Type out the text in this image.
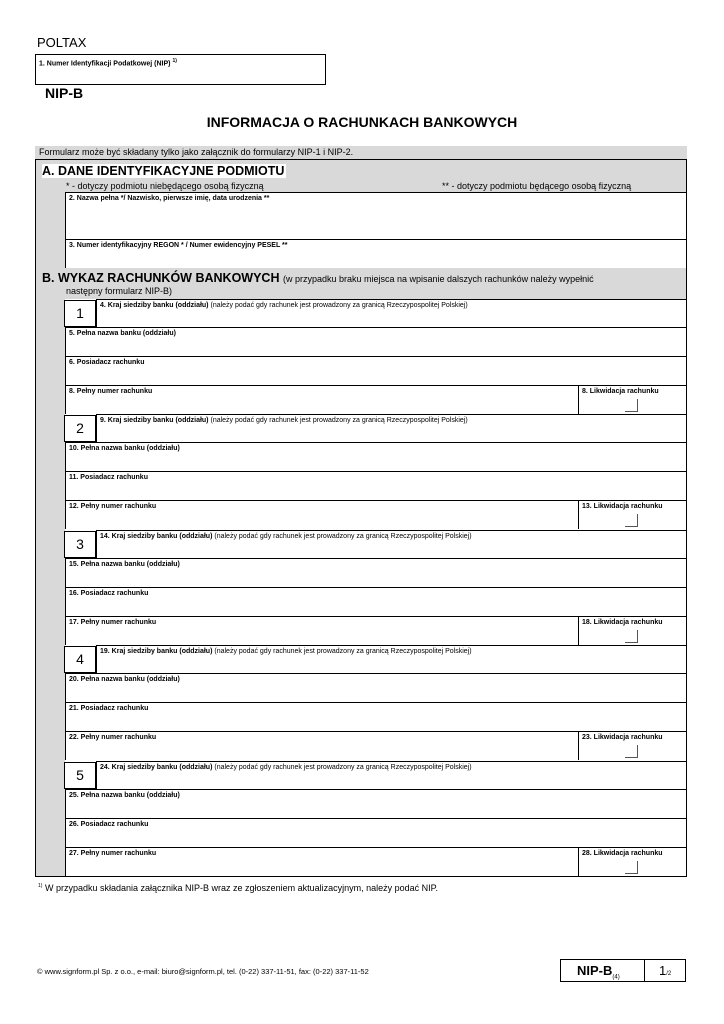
POLTAX
1. Numer Identyfikacji Podatkowej (NIP) $^{1)}$
NIP-B
INFORMACJA O RACHUNKACH BANKOWYCH
Formularz może być składany tylko jako załącznik do formularzy NIP-1 i NIP-2.
A. DANE IDENTYFIKACYJNE PODMIOTU
* - dotyczy podmiotu niebędącego osobą fizyczną	** - dotyczy podmiotu będącego osobą fizyczną
2. Nazwa pełna */ Nazwisko, pierwsze imię, data urodzenia **
3. Numer identyfikacyjny REGON * / Numer ewidencyjny PESEL **
B. WYKAZ RACHUNKÓW BANKOWYCH (w przypadku braku miejsca na wpisanie dalszych rachunków należy wypełnić
następny formularz NIP-B)
1	4. Kraj siedziby banku (oddziału) (należy podać gdy rachunek jest prowadzony za granicą Rzeczypospolitej Polskiej)
5. Pełna nazwa banku (oddziału)
6. Posiadacz rachunku
8. Pełny numer rachunku	8. Likwidacja rachunku
2	9. Kraj siedziby banku (oddziału) (należy podać gdy rachunek jest prowadzony za granicą Rzeczypospolitej Polskiej)
10. Pełna nazwa banku (oddziału)
11. Posiadacz rachunku
12. Pełny numer rachunku	13. Likwidacja rachunku
3	14. Kraj siedziby banku (oddziału) (należy podać gdy rachunek jest prowadzony za granicą Rzeczypospolitej Polskiej)
15. Pełna nazwa banku (oddziału)
16. Posiadacz rachunku
17. Pełny numer rachunku	18. Likwidacja rachunku
4	19. Kraj siedziby banku (oddziału) (należy podać gdy rachunek jest prowadzony za granicą Rzeczypospolitej Polskiej)
20. Pełna nazwa banku (oddziału)
21. Posiadacz rachunku
22. Pełny numer rachunku	23. Likwidacja rachunku
5	24. Kraj siedziby banku (oddziału) (należy podać gdy rachunek jest prowadzony za granicą Rzeczypospolitej Polskiej)
25. Pełna nazwa banku (oddziału)
26. Posiadacz rachunku
27. Pełny numer rachunku	28. Likwidacja rachunku
$^{1)}$ W przypadku składania załącznika NIP-B wraz ze zgłoszeniem aktualizacyjnym, należy podać NIP.
© www.signform.pl Sp. z o.o., e-mail: biuro@signform.pl, tel. (0-22) 337-11-51, fax: (0-22) 337-11-52	NIP-$B_{(4)}$	1/2
